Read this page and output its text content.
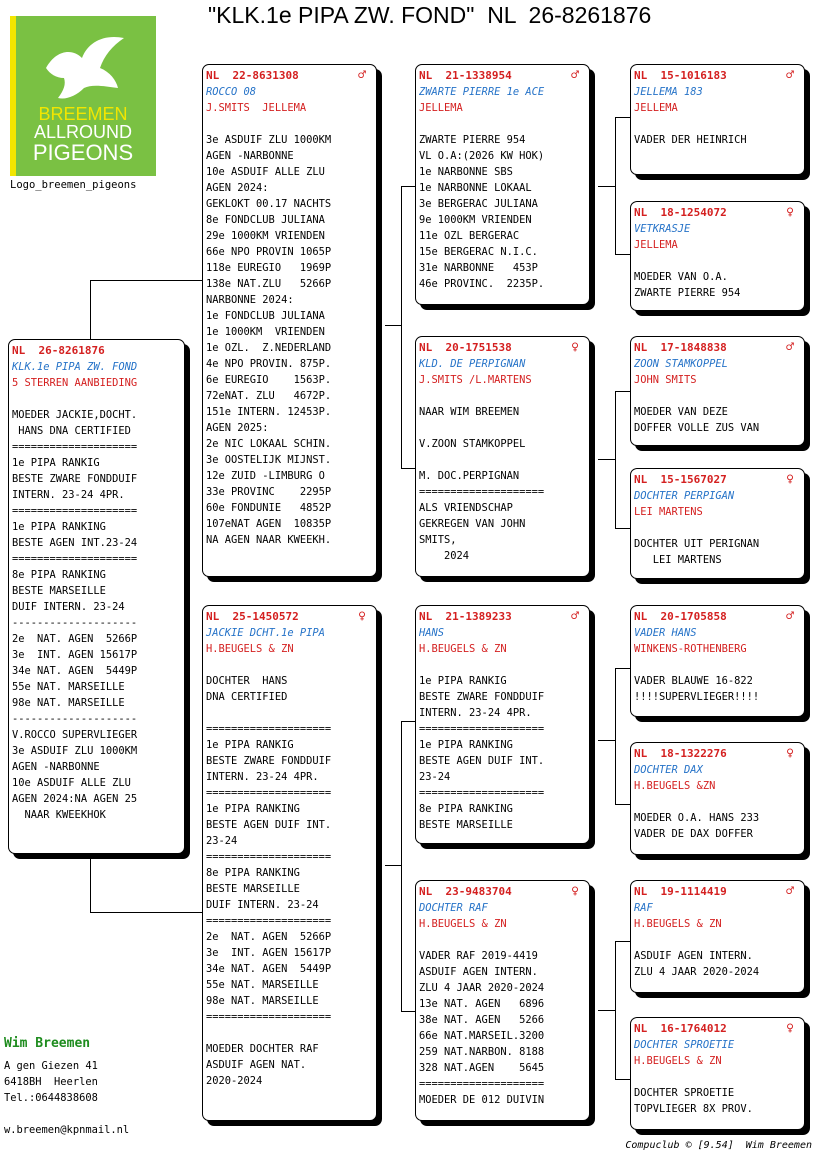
"KLK.1e PIPA ZW. FOND"  NL  26-8261876
BREEMEN
ALLROUND
PIGEONS
Logo_breemen_pigeons
NL  26-8261876
KLK.1e PIPA ZW. FOND
5 STERREN AANBIEDING

MOEDER JACKIE,DOCHT.
HANS DNA CERTIFIED
====================
1e PIPA RANKIG
BESTE ZWARE FONDDUIF
INTERN. 23-24 4PR.
====================
1e PIPA RANKING
BESTE AGEN INT.23-24
====================
8e PIPA RANKING
BESTE MARSEILLE
DUIF INTERN. 23-24
--------------------
2e  NAT. AGEN  5266P
3e  INT. AGEN 15617P
34e NAT. AGEN  5449P
55e NAT. MARSEILLE
98e NAT. MARSEILLE
--------------------
V.ROCCO SUPERVLIEGER
3e ASDUIF ZLU 1000KM
AGEN -NARBONNE
10e ASDUIF ALLE ZLU
AGEN 2024:NA AGEN 25
NAAR KWEEKHOK
NL  22-8631308	♂
ROCCO 08
J.SMITS  JELLEMA

3e ASDUIF ZLU 1000KM
AGEN -NARBONNE
10e ASDUIF ALLE ZLU
AGEN 2024:
GEKLOKT 00.17 NACHTS
8e FONDCLUB JULIANA
29e 1000KM VRIENDEN
66e NPO PROVIN 1065P
118e EUREGIO   1969P
138e NAT.ZLU   5266P
NARBONNE 2024:
1e FONDCLUB JULIANA
1e 1000KM  VRIENDEN
1e OZL.  Z.NEDERLAND
4e NPO PROVIN. 875P.
6e EUREGIO    1563P.
72eNAT. ZLU   4672P.
151e INTERN. 12453P.
AGEN 2025:
2e NIC LOKAAL SCHIN.
3e OOSTELIJK MIJNST.
12e ZUID -LIMBURG O
33e PROVINC    2295P
60e FONDUNIE   4852P
107eNAT AGEN  10835P
NA AGEN NAAR KWEEKH.
NL  25-1450572	♀
JACKIE DCHT.1e PIPA
H.BEUGELS & ZN

DOCHTER  HANS
DNA CERTIFIED

====================
1e PIPA RANKIG
BESTE ZWARE FONDDUIF
INTERN. 23-24 4PR.
====================
1e PIPA RANKING
BESTE AGEN DUIF INT.
23-24
====================
8e PIPA RANKING
BESTE MARSEILLE
DUIF INTERN. 23-24
====================
2e  NAT. AGEN  5266P
3e  INT. AGEN 15617P
34e NAT. AGEN  5449P
55e NAT. MARSEILLE
98e NAT. MARSEILLE
====================

MOEDER DOCHTER RAF
ASDUIF AGEN NAT.
2020-2024
NL  21-1338954	♂
ZWARTE PIERRE 1e ACE
JELLEMA

ZWARTE PIERRE 954
VL O.A:(2026 KW HOK)
1e NARBONNE SBS
1e NARBONNE LOKAAL
3e BERGERAC JULIANA
9e 1000KM VRIENDEN
11e OZL BERGERAC
15e BERGERAC N.I.C.
31e NARBONNE   453P
46e PROVINC.  2235P.
NL  20-1751538	♀
KLD. DE PERPIGNAN
J.SMITS /L.MARTENS

NAAR WIM BREEMEN

V.ZOON STAMKOPPEL

M. DOC.PERPIGNAN
====================
ALS VRIENDSCHAP
GEKREGEN VAN JOHN
SMITS,
2024
NL  21-1389233	♂
HANS
H.BEUGELS & ZN

1e PIPA RANKIG
BESTE ZWARE FONDDUIF
INTERN. 23-24 4PR.
====================
1e PIPA RANKING
BESTE AGEN DUIF INT.
23-24
====================
8e PIPA RANKING
BESTE MARSEILLE
NL  23-9483704	♀
DOCHTER RAF
H.BEUGELS & ZN

VADER RAF 2019-4419
ASDUIF AGEN INTERN.
ZLU 4 JAAR 2020-2024
13e NAT. AGEN   6896
38e NAT. AGEN   5266
66e NAT.MARSEIL.3200
259 NAT.NARBON. 8188
328 NAT.AGEN    5645
====================
MOEDER DE 012 DUIVIN
NL  15-1016183	♂
JELLEMA 183
JELLEMA

VADER DER HEINRICH
NL  18-1254072	♀
VETKRASJE
JELLEMA

MOEDER VAN O.A.
ZWARTE PIERRE 954
NL  17-1848838	♂
ZOON STAMKOPPEL
JOHN SMITS

MOEDER VAN DEZE
DOFFER VOLLE ZUS VAN
NL  15-1567027	♀
DOCHTER PERPIGAN
LEI MARTENS

DOCHTER UIT PERIGNAN
LEI MARTENS
NL  20-1705858	♂
VADER HANS
WINKENS-ROTHENBERG

VADER BLAUWE 16-822
!!!!SUPERVLIEGER!!!!
NL  18-1322276	♀
DOCHTER DAX
H.BEUGELS &ZN

MOEDER O.A. HANS 233
VADER DE DAX DOFFER
NL  19-1114419	♂
RAF
H.BEUGELS & ZN

ASDUIF AGEN INTERN.
ZLU 4 JAAR 2020-2024
NL  16-1764012	♀
DOCHTER SPROETIE
H.BEUGELS & ZN

DOCHTER SPROETIE
TOPVLIEGER 8X PROV.
Wim Breemen
A gen Giezen 41
6418BH  Heerlen
Tel.:0644838608
w.breemen@kpnmail.nl
Compuclub © [9.54]  Wim Breemen
